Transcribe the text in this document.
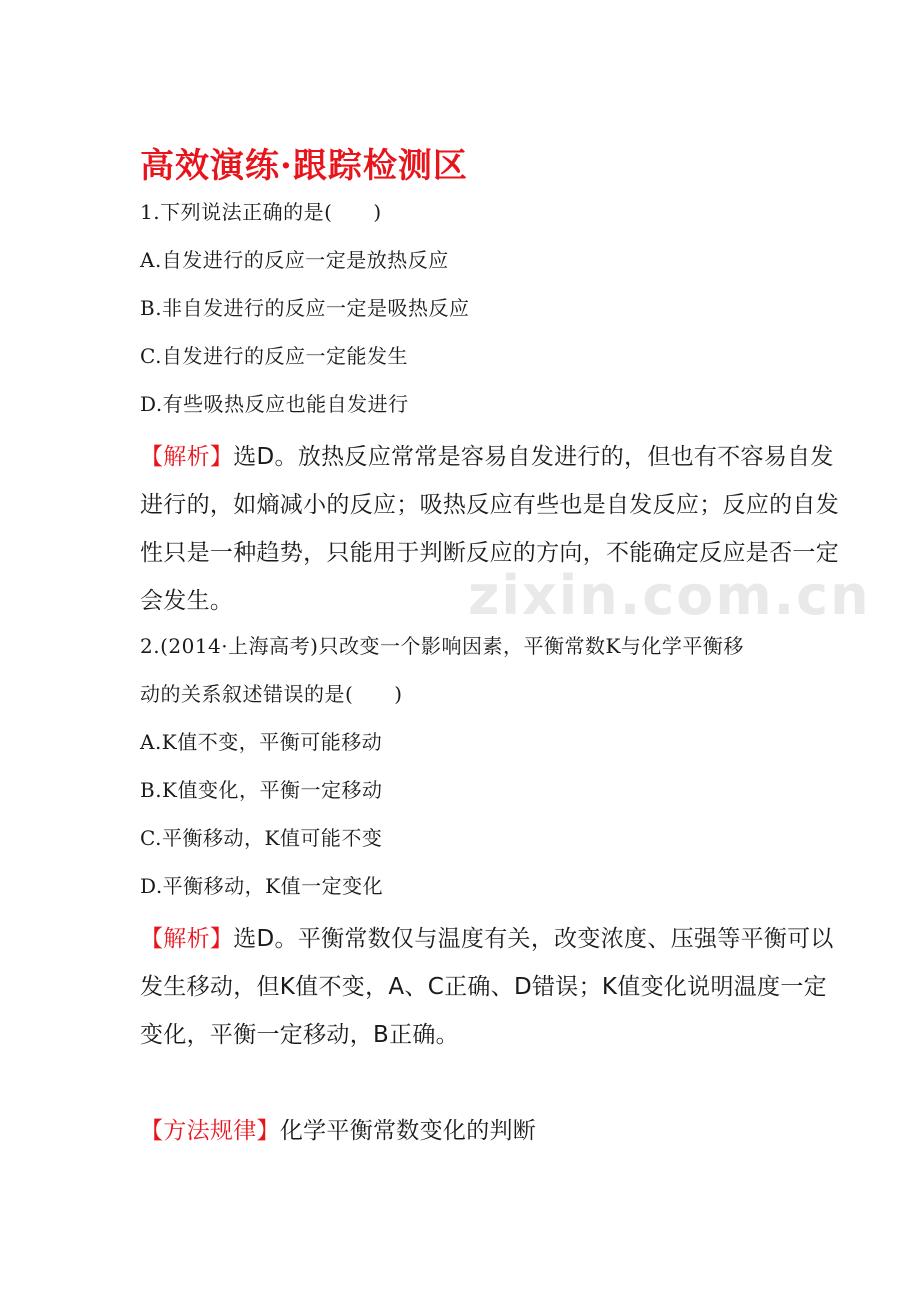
zixin.com.cn
高效演练·跟踪检测区
1.下列说法正确的是(　　)
A.自发进行的反应一定是放热反应
B.非自发进行的反应一定是吸热反应
C.自发进行的反应一定能发生
D.有些吸热反应也能自发进行
【解析】选D。放热反应常常是容易自发进行的，但也有不容易自发
进行的，如熵减小的反应；吸热反应有些也是自发反应；反应的自发
性只是一种趋势，只能用于判断反应的方向，不能确定反应是否一定
会发生。
2.(2014·上海高考)只改变一个影响因素，平衡常数K与化学平衡移
动的关系叙述错误的是(　　)
A.K值不变，平衡可能移动
B.K值变化，平衡一定移动
C.平衡移动，K值可能不变
D.平衡移动，K值一定变化
【解析】选D。平衡常数仅与温度有关，改变浓度、压强等平衡可以
发生移动，但K值不变，A、C正确、D错误；K值变化说明温度一定
变化，平衡一定移动，B正确。
【方法规律】化学平衡常数变化的判断
